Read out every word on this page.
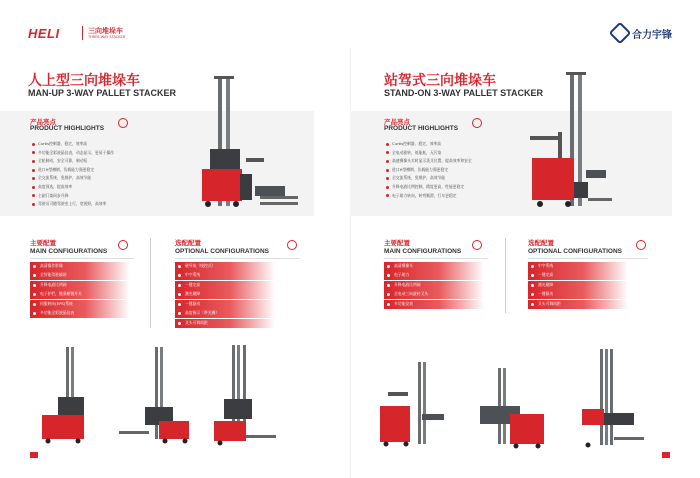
HELI	三向堆垛车
THREE-WAY STACKER	合力宇锋
人上型三向堆垛车
MAN-UP 3-WAY PALLET STACKER
产品亮点
PRODUCT HIGHLIGHTS
Curtis控制器，稳定，效率高
多功能全彩液晶仪表，动态显示，更易于操作
全轮制动，安全可靠，制动短
进口H型槽钢，负载能力强更稳定
全交流系统，免维护，高效节能
高度预选，提高效率
主副门架同步升降
驾驶员可随驾驶室上行，宽视野，高效率
站驾式三向堆垛车
STAND-ON 3-WAY PALLET STACKER
产品亮点
PRODUCT HIGHLIGHTS
Curtis控制器，稳定，效率高
全电动旋转，低能耗，无污染
高速摄像头实时显示货叉位置，提高效率和安全
进口H型槽钢，负载能力强更稳定
全交流系统，免维护，高效节能
升降电液比例控制，精度更高，性能更稳定
电子助力转向，转弯顺滑，行车更稳定
主要配置
MAIN CONFIGURATIONS
高清操作影像
全智能驾驶辅助
升降电液比例阀
电子护栏，链条断链开关
伺服转向(EPS)系统
多功能全彩液晶仪表
选配配置
OPTIONAL CONFIGURATIONS
磁导航（线控式）
中字系统
一键定高
激光避障
一键驱动
高度指示（带光栅）
叉头可调间距
主要配置
MAIN CONFIGURATIONS
高清摄像头
电子助力
升降电液比例阀
全电动三向旋转叉头
多功能仪表
选配配置
OPTIONAL CONFIGURATIONS
中字系统
一键定高
激光避障
一键驱动
叉头可调间距
